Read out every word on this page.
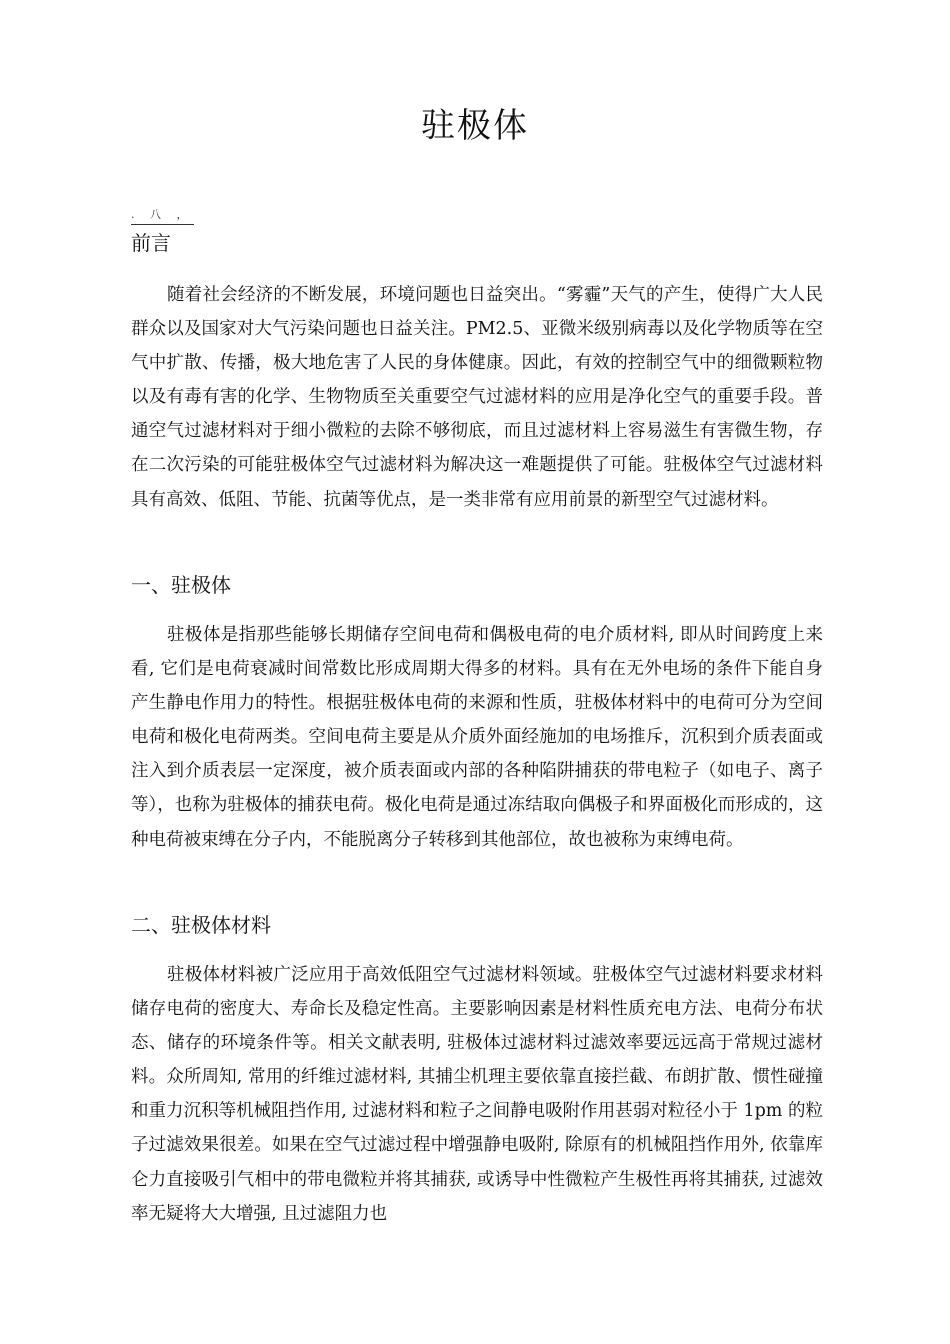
驻极体
. 八 ，
前言

随着社会经济的不断发展，环境问题也日益突出。“雾霾”天气的产生，使得广大人民群众以及国家对大气污染问题也日益关注。PM2.5、亚微米级别病毒以及化学物质等在空气中扩散、传播，极大地危害了人民的身体健康。因此，有效的控制空气中的细微颗粒物以及有毒有害的化学、生物物质至关重要空气过滤材料的应用是净化空气的重要手段。普通空气过滤材料对于细小微粒的去除不够彻底，而且过滤材料上容易滋生有害微生物，存在二次污染的可能驻极体空气过滤材料为解决这一难题提供了可能。驻极体空气过滤材料具有高效、低阻、节能、抗菌等优点，是一类非常有应用前景的新型空气过滤材料。

一、驻极体

驻极体是指那些能够长期储存空间电荷和偶极电荷的电介质材料, 即从时间跨度上来看, 它们是电荷衰减时间常数比形成周期大得多的材料。具有在无外电场的条件下能自身产生静电作用力的特性。根据驻极体电荷的来源和性质，驻极体材料中的电荷可分为空间电荷和极化电荷两类。空间电荷主要是从介质外面经施加的电场推斥，沉积到介质表面或注入到介质表层一定深度，被介质表面或内部的各种陷阱捕获的带电粒子（如电子、离子等），也称为驻极体的捕获电荷。极化电荷是通过冻结取向偶极子和界面极化而形成的，这种电荷被束缚在分子内，不能脱离分子转移到其他部位，故也被称为束缚电荷。

二、驻极体材料

驻极体材料被广泛应用于高效低阻空气过滤材料领域。驻极体空气过滤材料要求材料储存电荷的密度大、寿命长及稳定性高。主要影响因素是材料性质充电方法、电荷分布状态、储存的环境条件等。相关文献表明, 驻极体过滤材料过滤效率要远远高于常规过滤材料。众所周知, 常用的纤维过滤材料, 其捕尘机理主要依靠直接拦截、布朗扩散、惯性碰撞和重力沉积等机械阻挡作用, 过滤材料和粒子之间静电吸附作用甚弱对粒径小于 1pm 的粒子过滤效果很差。如果在空气过滤过程中增强静电吸附, 除原有的机械阻挡作用外, 依靠库仑力直接吸引气相中的带电微粒并将其捕获, 或诱导中性微粒产生极性再将其捕获, 过滤效率无疑将大大增强, 且过滤阻力也
